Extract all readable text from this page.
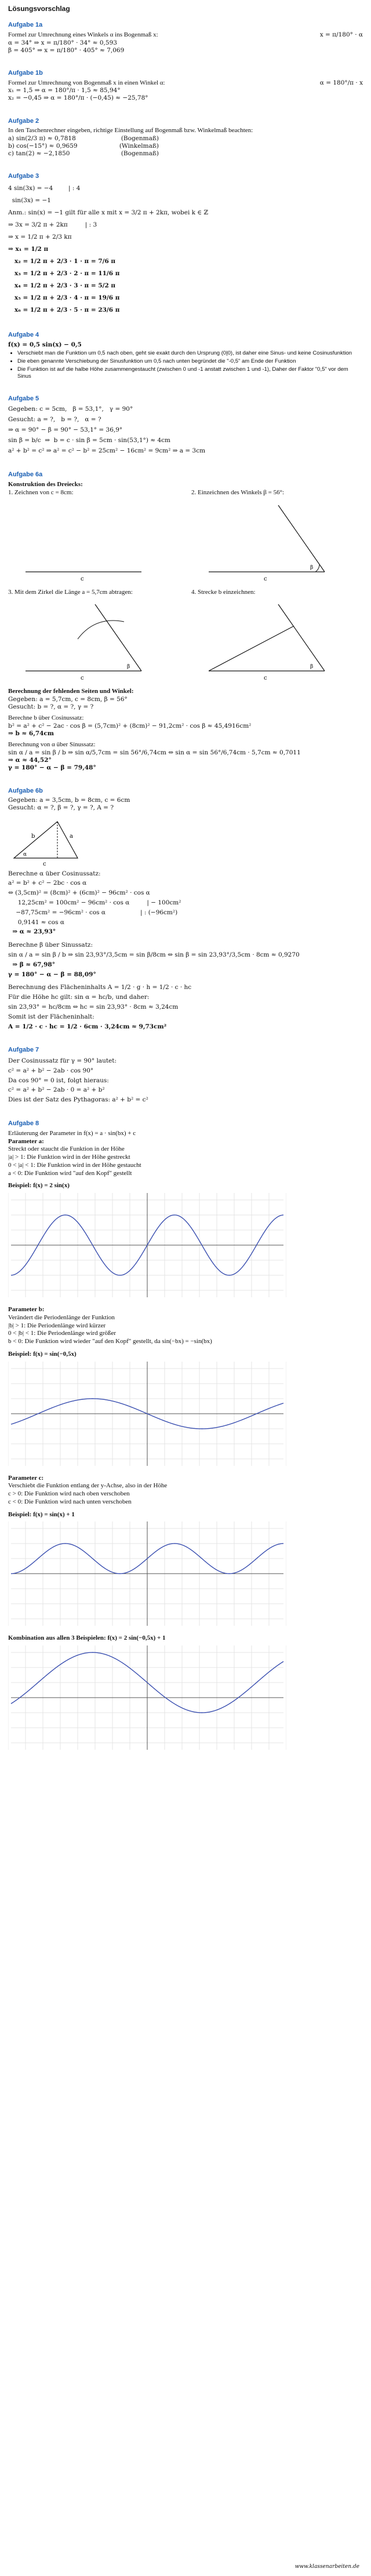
Lösungsvorschlag
Aufgabe 1a
Formel zur Umrechnung eines Winkels α ins Bogenmaß x:	x = π/180° · α
α = 34° ⇒ x = π/180° · 34° ≈ 0,593
β = 405° ⇒ x = π/180° · 405° ≈ 7,069
Aufgabe 1b
Formel zur Umrechnung von Bogenmaß x in einen Winkel α:	α = 180°/π · x
x₁ = 1,5 ⇒ α = 180°/π · 1,5 ≈ 85,94°
x₂ = −0,45 ⇒ α = 180°/π · (−0,45) ≈ −25,78°
Aufgabe 2
In den Taschenrechner eingeben, richtige Einstellung auf Bogenmaß bzw. Winkelmaß beachten:
a) sin(2/3 π) ≈ 0,7818	(Bogenmaß)
b) cos(−15°) ≈ 0,9659	(Winkelmaß)
c) tan(2) ≈ −2,1850	(Bogenmaß)
Aufgabe 3
4 sin(3x) = −4        | : 4
sin(3x) = −1
Anm.: sin(x) = −1 gilt für alle x mit x = 3/2 π + 2kπ, wobei k ∈ ℤ
⇒ 3x = 3/2 π + 2kπ         | : 3
⇒ x = 1/2 π + 2/3 kπ
⇒ x₁ = 1/2 π
x₂ = 1/2 π + 2/3 · 1 · π = 7/6 π
x₃ = 1/2 π + 2/3 · 2 · π = 11/6 π
x₄ = 1/2 π + 2/3 · 3 · π = 5/2 π
x₅ = 1/2 π + 2/3 · 4 · π = 19/6 π
x₆ = 1/2 π + 2/3 · 5 · π = 23/6 π
Aufgabe 4
f(x) = 0,5 sin(x) − 0,5
• Verschiebt man die Funktion um 0,5 nach oben, geht sie exakt durch den Ursprung (0|0), ist daher eine Sinus- und keine Cosinusfunktion
• Die eben genannte Verschiebung der Sinusfunktion um 0,5 nach unten begründet die "-0,5" am Ende der Funktion
• Die Funktion ist auf die halbe Höhe zusammengestaucht (zwischen 0 und -1 anstatt zwischen 1 und -1), Daher der Faktor "0,5" vor dem Sinus
Aufgabe 5
Gegeben: c = 5cm,   β = 53,1°,   γ = 90°
Gesucht: a = ?,   b = ?,   α = ?
⇒ α = 90° − β = 90° − 53,1° = 36,9°
sin β = b/c  ⇒  b = c · sin β = 5cm · sin(53,1°) ≈ 4cm
a² + b² = c² ⇒ a² = c² − b² = 25cm² − 16cm² = 9cm² ⇒ a = 3cm
Aufgabe 6a
Konstruktion des Dreiecks:
1. Zeichnen von c = 8cm:
c
2. Einzeichnen des Winkels β = 56°:
β
c
3. Mit dem Zirkel die Länge a = 5,7cm abtragen:
β
c
4. Strecke b einzeichnen:
β
c
Berechnung der fehlenden Seiten und Winkel:
Gegeben: a = 5,7cm, c = 8cm, β = 56°
Gesucht: b = ?, α = ?, γ = ?
Berechne b über Cosinussatz:
b² = a² + c² − 2ac · cos β = (5,7cm)² + (8cm)² − 91,2cm² · cos β ≈ 45,4916cm²
⇒ b ≈ 6,74cm
Berechnung von α über Sinussatz:
sin α / a = sin β / b ⇒ sin α/5,7cm = sin 56°/6,74cm ⇔ sin α = sin 56°/6,74cm · 5,7cm ≈ 0,7011
⇒ α ≈ 44,52°
γ = 180° − α − β = 79,48°
Aufgabe 6b
Gegeben: a = 3,5cm, b = 8cm, c = 6cm
Gesucht: α = ?, β = ?, γ = ?, A = ?
c
b	a
α
Berechne α über Cosinussatz:
a² = b² + c² − 2bc · cos α
⇔ (3,5cm)² = (8cm)² + (6cm)² − 96cm² · cos α
12,25cm² = 100cm² − 96cm² · cos α         | − 100cm²
−87,75cm² = −96cm² · cos α                  | : (−96cm²)
0,9141 ≈ cos α
⇒ α ≈ 23,93°
Berechne β über Sinussatz:
sin α / a = sin β / b ⇒ sin 23,93°/3,5cm = sin β/8cm ⇔ sin β = sin 23,93°/3,5cm · 8cm ≈ 0,9270
⇒ β ≈ 67,98°
γ = 180° − α − β = 88,09°
Berechnung des Flächeninhalts A = 1/2 · g · h = 1/2 · c · hc
Für die Höhe hc gilt: sin α = hc/b, und daher:
sin 23,93° = hc/8cm ⇔ hc = sin 23,93° · 8cm ≈ 3,24cm
Somit ist der Flächeninhalt:
A = 1/2 · c · hc = 1/2 · 6cm · 3,24cm ≈ 9,73cm²
Aufgabe 7
Der Cosinussatz für γ = 90° lautet:
c² = a² + b² − 2ab · cos 90°
Da cos 90° = 0 ist, folgt hieraus:
c² = a² + b² − 2ab · 0 = a² + b²
Dies ist der Satz des Pythagoras: a² + b² = c²
Aufgabe 8
Erläuterung der Parameter in f(x) = a · sin(bx) + c
Parameter a:
Streckt oder staucht die Funktion in der Höhe
|a| > 1: Die Funktion wird in der Höhe gestreckt
0 < |a| < 1: Die Funktion wird in der Höhe gestaucht
a < 0: Die Funktion wird "auf den Kopf" gestellt
Beispiel: f(x) = 2 sin(x)
Parameter b:
Verändert die Periodenlänge der Funktion
|b| > 1: Die Periodenlänge wird kürzer
0 < |b| < 1: Die Periodenlänge wird größer
b < 0: Die Funktion wird wieder "auf den Kopf" gestellt, da sin(−bx) = −sin(bx)
Beispiel: f(x) = sin(−0,5x)
Parameter c:
Verschiebt die Funktion entlang der y-Achse, also in der Höhe
c > 0: Die Funktion wird nach oben verschoben
c < 0: Die Funktion wird nach unten verschoben
Beispiel: f(x) = sin(x) + 1
Kombination aus allen 3 Beispielen: f(x) = 2 sin(−0,5x) + 1
www.klassenarbeiten.de
